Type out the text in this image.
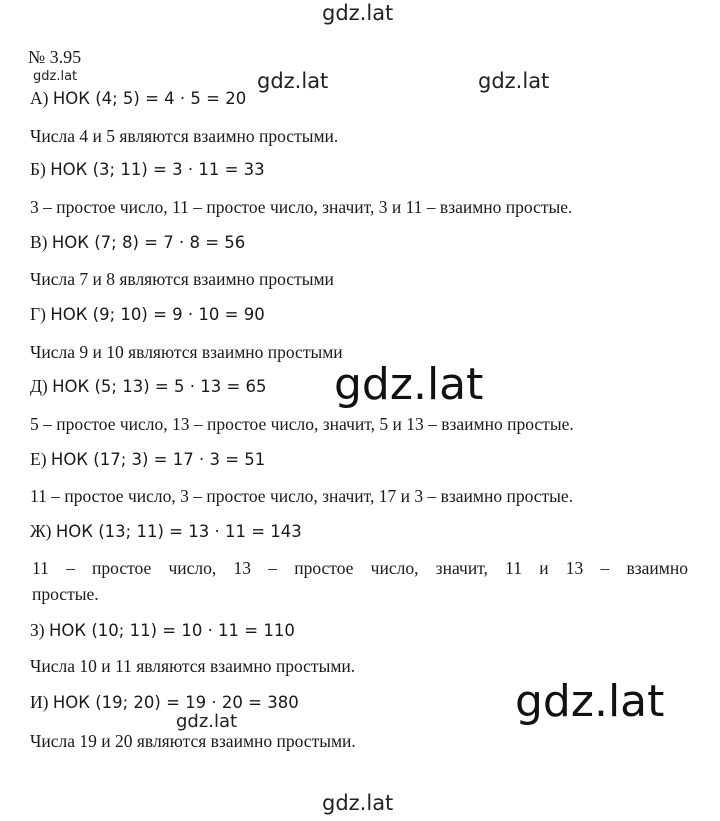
gdz.lat
№ 3.95
gdz.lat
А) НОК (4; 5) = 4 · 5 = 20
gdz.lat	gdz.lat
Числа 4 и 5 являются взаимно простыми.
Б) НОК (3; 11) = 3 · 11 = 33
3 – простое число, 11 – простое число, значит, 3 и 11 – взаимно простые.
В) НОК (7; 8) = 7 · 8 = 56
Числа 7 и 8 являются взаимно простыми
Г) НОК (9; 10) = 9 · 10 = 90
Числа 9 и 10 являются взаимно простыми
Д) НОК (5; 13) = 5 · 13 = 65
5 – простое число, 13 – простое число, значит, 5 и 13 – взаимно простые.
gdz.lat
Е) НОК (17; 3) = 17 · 3 = 51
11 – простое число, 3 – простое число, значит, 17 и 3 – взаимно простые.
Ж) НОК (13; 11) = 13 · 11 = 143
11 – простое число, 13 – простое число, значит, 11 и 13 – взаимно
простые.
З) НОК (10; 11) = 10 · 11 = 110
Числа 10 и 11 являются взаимно простыми.
И) НОК (19; 20) = 19 · 20 = 380
gdz.lat	gdz.lat
Числа 19 и 20 являются взаимно простыми.
gdz.lat
